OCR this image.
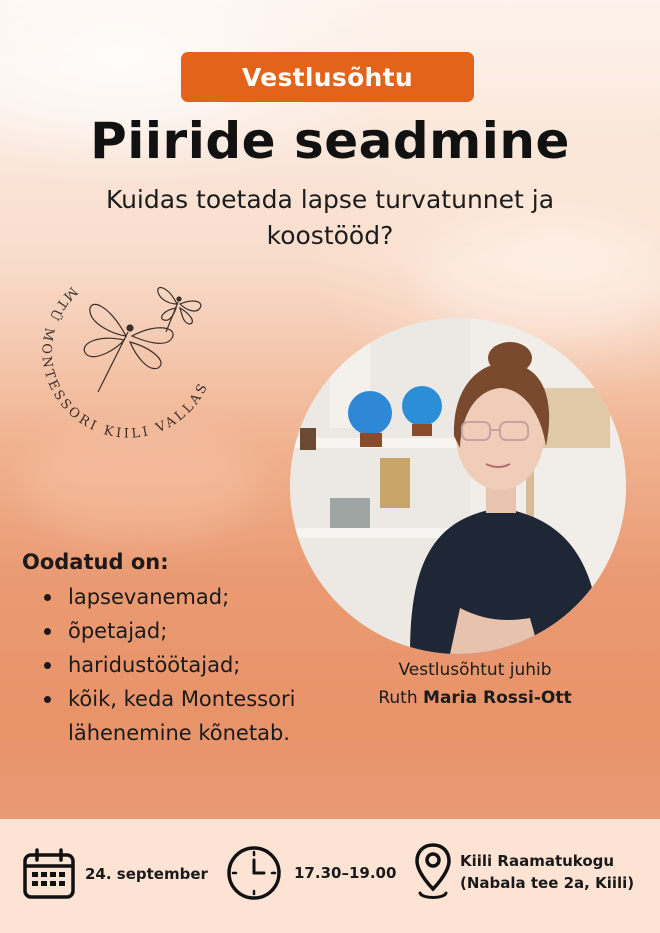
Vestlusõhtu
Piiride seadmine
Kuidas toetada lapse turvatunnet ja koostööd?
MTÜ MONTESSORI KIILI VALLAS
Vestlusõhtut juhib
Ruth Maria Rossi-Ott
Oodatud on:
lapsevanemad;
õpetajad;
haridustöötajad;
kõik, keda Montessori lähenemine kõnetab.
24. september	17.30–19.00
Kiili Raamatukogu
(Nabala tee 2a, Kiili)
